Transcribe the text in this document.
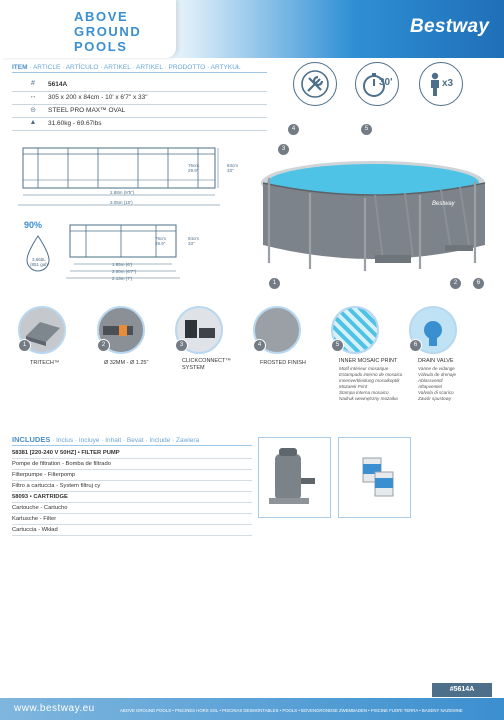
ABOVE
GROUND
POOLS
Bestway
ITEM · ARTICLE · ARTÍCULO · ARTIKEL · ARTIKEL · PRODOTTO · ARTYKUŁ
#	5614A
↔ 305 x 200 x 84cm - 10' x 6'7" x 33"
⊝	STEEL PRO MAX™ OVAL
▲ 31.60kg - 69.67lbs
30'	x3
76cm
29.9"
84cm
33"
2.88m (9'5")
3.05m (10')
76cm
29.9"
84cm
33"
1.85m (6')
2.00m (6'7")
2.13m (7')
90%
3,665L
(851 gal)
Bestway
4	5
3
1	2	6
1
TRITECH™
2
Ø 32MM - Ø 1.25"
3
CLICKCONNECT™
SYSTEM
4
FROSTED FINISH
5
INNER MOSAIC PRINT
Motif intérieur mosaïque
Estampado interno de mosaico
Innenverkleidung mosaikoptik
Mozaïek Print
Stampa interna mosaico
Nadruk wewnętrzny mozaika
6
DRAIN VALVE
Vanne de vidange
Válvula de drenaje
Ablassventil
Aftapventiel
Valvola di scarico
Zawór spustowy
INCLUDES · Inclus · Incluye · Inhalt · Bevat · Include · Zawiera
58381 [220-240 V 50HZ] • FILTER PUMP
Pompe de filtration - Bomba de filtrado
Filterpumpe - Filterpomp
Filtro a cartuccia - System filtruj cy
58093 • CARTRIDGE
Cartouche - Cartucho
Kartusche - Filter
Cartuccia - Wkład
#5614A
www.bestway.eu	ABOVE GROUND POOLS • PISCINES HORS SOL • PISCINAS DESMONTABLES • POOLS • BOVENGRONDSE ZWEMBADEN • PISCINE FUORI TERRA • BASENY NAZIEMNE
